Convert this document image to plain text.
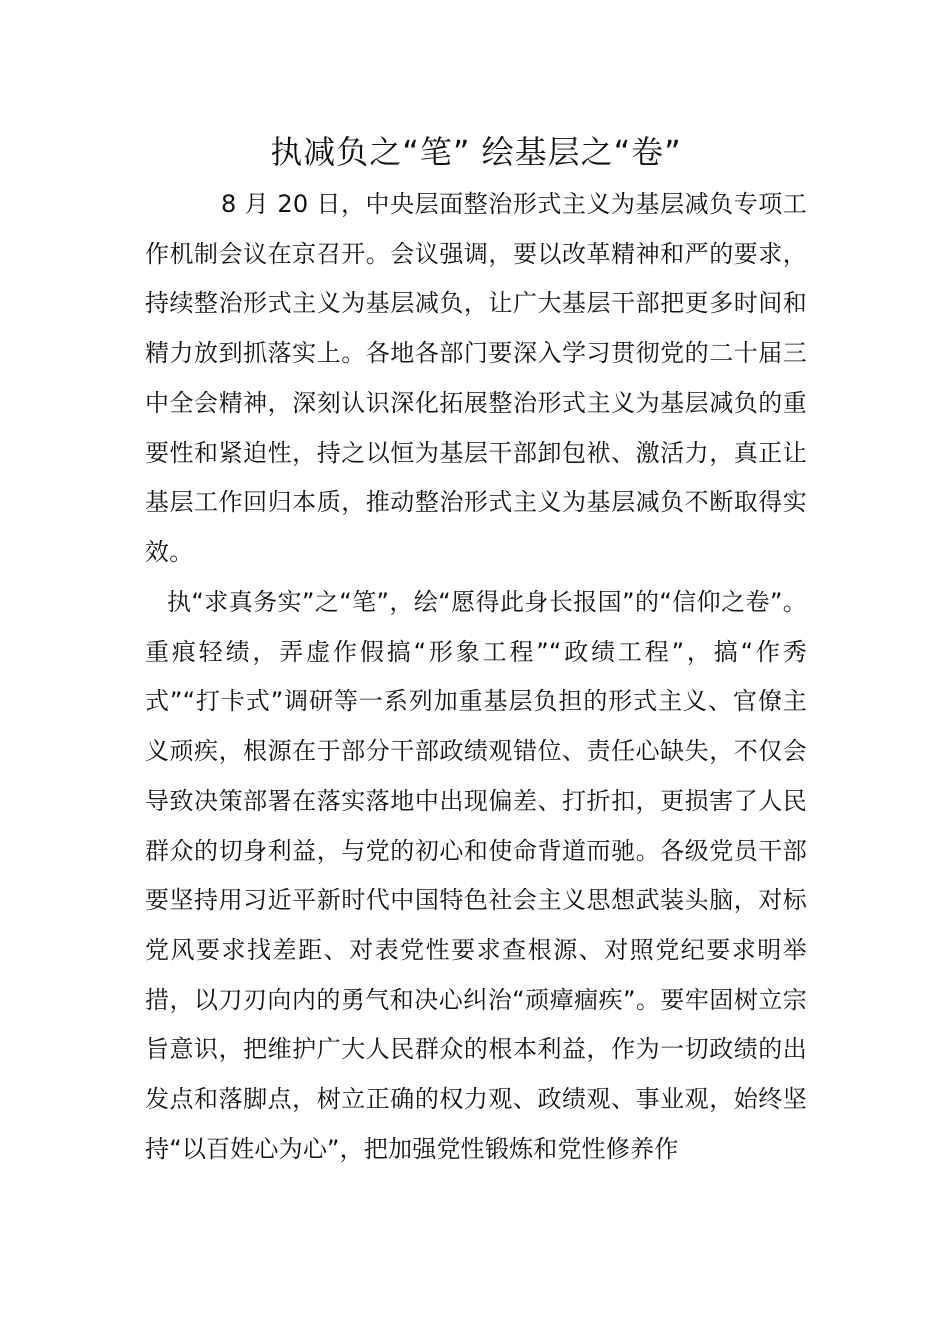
执减负之“笔” 绘基层之“卷”

8 月 20 日，中央层面整治形式主义为基层减负专项工作机制会议在京召开。会议强调，要以改革精神和严的要求，持续整治形式主义为基层减负，让广大基层干部把更多时间和精力放到抓落实上。各地各部门要深入学习贯彻党的二十届三中全会精神，深刻认识深化拓展整治形式主义为基层减负的重要性和紧迫性，持之以恒为基层干部卸包袱、激活力，真正让基层工作回归本质，推动整治形式主义为基层减负不断取得实效。

执“求真务实”之“笔”，绘“愿得此身长报国”的“信仰之卷”。重痕轻绩，弄虚作假搞“形象工程”“政绩工程”，搞“作秀式”“打卡式”调研等一系列加重基层负担的形式主义、官僚主义顽疾，根源在于部分干部政绩观错位、责任心缺失，不仅会导致决策部署在落实落地中出现偏差、打折扣，更损害了人民群众的切身利益，与党的初心和使命背道而驰。各级党员干部要坚持用习近平新时代中国特色社会主义思想武装头脑，对标党风要求找差距、对表党性要求查根源、对照党纪要求明举措，以刀刃向内的勇气和决心纠治“顽瘴痼疾”。要牢固树立宗旨意识，把维护广大人民群众的根本利益，作为一切政绩的出发点和落脚点，树立正确的权力观、政绩观、事业观，始终坚持“以百姓心为心”，把加强党性锻炼和党性修养作
